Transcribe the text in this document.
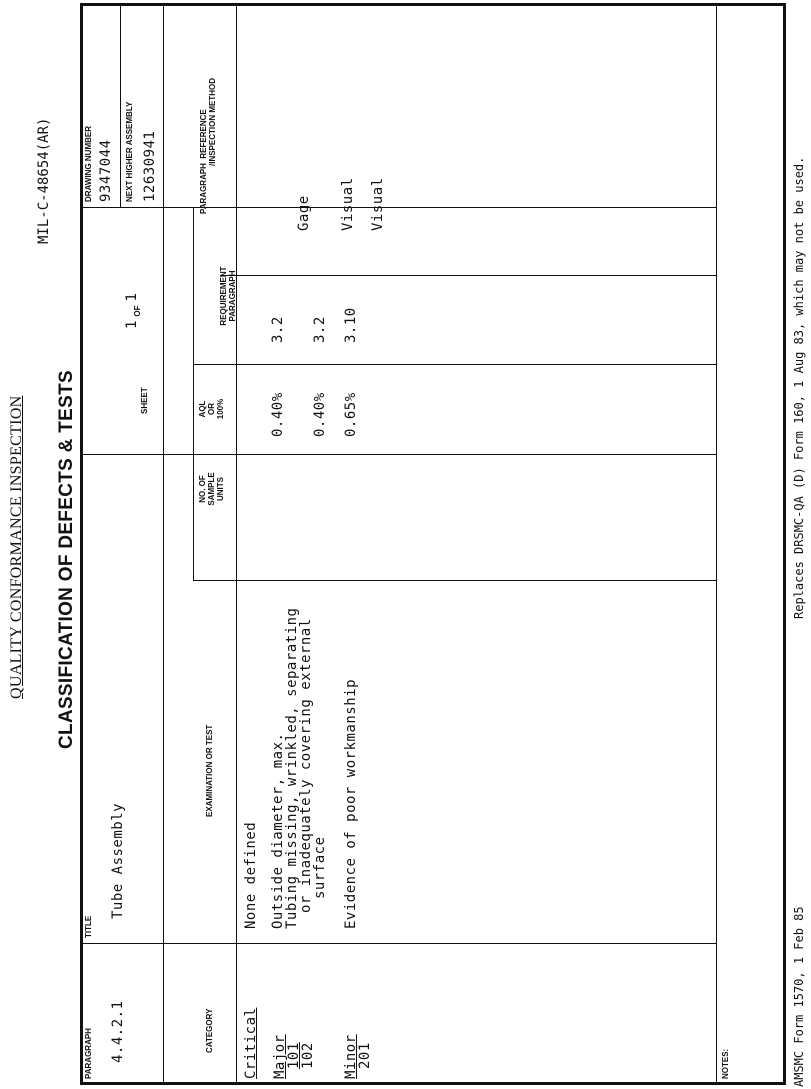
QUALITY CONFORMANCE INSPECTION
MIL-C-48654(AR)
CLASSIFICATION OF DEFECTS & TESTS
PARAGRAPH 4.4.2.1
TITLE
Tube Assembly
SHEET
$1_{OF}1$
DRAWING NUMBER 9347044 NEXT HIGHER ASSEMBLY 12630941
CATEGORY
EXAMINATION OR TEST
NO. OF SAMPLE UNITS
AQL OR 100%
REQUIREMENT PARAGRAPH
PARAGRAPH  REFERENCE /INSPECTION METHOD
Critical
None defined
Major
101
102
Outside diameter, max.
Tubing missing, wrinkled, separating
or inadequately covering external
surface
0.40%
3.2
Gage
0.40%
3.2
Visual
Minor
201
Evidence of poor workmanship
0.65%
3.10
Visual
NOTES:	AMSMC Form 1570, 1 Feb 85
Replaces DRSMC-QA (D) Form 160, 1 Aug 83, which may not be used.
